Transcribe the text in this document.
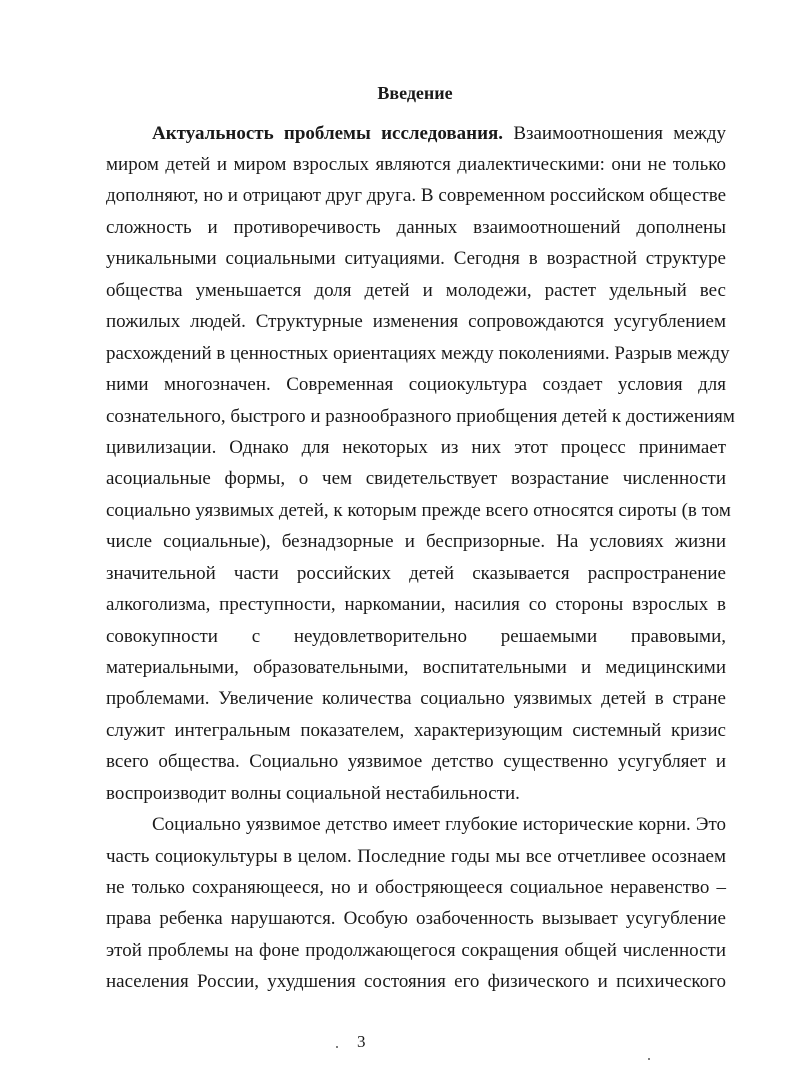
Введение
Актуальность проблемы исследования. Взаимоотношения между
миром детей и миром взрослых являются диалектическими: они не только
дополняют, но и отрицают друг друга. В современном российском обществе
сложность и противоречивость данных взаимоотношений дополнены
уникальными социальными ситуациями. Сегодня в возрастной структуре
общества уменьшается доля детей и молодежи, растет удельный вес
пожилых людей. Структурные изменения сопровождаются усугублением
расхождений в ценностных ориентациях между поколениями. Разрыв между
ними многозначен. Современная социокультура создает условия для
сознательного, быстрого и разнообразного приобщения детей к достижениям
цивилизации. Однако для некоторых из них этот процесс принимает
асоциальные формы, о чем свидетельствует возрастание численности
социально уязвимых детей, к которым прежде всего относятся сироты (в том
числе социальные), безнадзорные и беспризорные. На условиях жизни
значительной части российских детей сказывается распространение
алкоголизма, преступности, наркомании, насилия со стороны взрослых в
совокупности с неудовлетворительно решаемыми правовыми,
материальными, образовательными, воспитательными и медицинскими
проблемами. Увеличение количества социально уязвимых детей в стране
служит интегральным показателем, характеризующим системный кризис
всего общества. Социально уязвимое детство существенно усугубляет и
воспроизводит волны социальной нестабильности.
Социально уязвимое детство имеет глубокие исторические корни. Это
часть социокультуры в целом. Последние годы мы все отчетливее осознаем
не только сохраняющееся, но и обостряющееся социальное неравенство –
права ребенка нарушаются. Особую озабоченность вызывает усугубление
этой проблемы на фоне продолжающегося сокращения общей численности
населения России, ухудшения состояния его физического и психического
3
